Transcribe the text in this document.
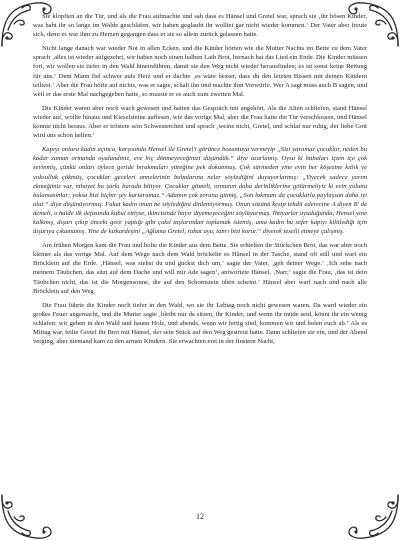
Sie klopften an die Tür, und als die Frau aufmachte und sah dass es Hänsel und Gretel war, sprach sie ‚ihr bösen Kinder, was habt ihr so lange im Walde geschlafen, wir haben geglaubt ihr wolltet gar nicht wieder kommen.‘ Der Vater aber freute sich, denn es war ihm zu Herzen gegangen dass er sie so allein zurück gelassen hatte.

Nicht lange danach war wieder Not in allen Ecken, und die Kinder hörten wie die Mutter Nachts im Bette zu dem Vater sprach ‚alles ist wieder aufgezehrt, wir haben noch einen halben Laib Brot, hernach hat das Lied ein Ende. Die Kinder müssen fort, wir wollen sie tiefer in den Wald hineinführen, damit sie den Weg nicht wieder herausfinden; es ist sonst keine Rettung für uns.‘ Dem Mann fiel schwer aufs Herz und er dachte ‚es wäre besser, dass du den letzten Bissen mit deinen Kindern teiltest.‘ Aber die Frau hörte auf nichts, was er sagte, schalt ihn und machte ihm Vorwürfe. Wer A sagt muss auch B sagen, und weil er das erste Mal nachgegeben hatte, so musste er es auch zum zweiten Mal.

Die Kinder waren aber noch wach gewesen und hatten das Gespräch mit angehört. Als die Alten schliefen, stand Hänsel wieder auf, wollte hinaus und Kieselsteine auflesen, wie das vorige Mal, aber die Frau hatte die Tür verschlossen, und Hänsel konnte nicht heraus. Aber er tröstete sein Schwesterchen und sprach ‚weine nicht, Gretel, und schlaf nur ruhig, der liebe Gott wird uns schon helfen.‘

Kapıyı onlara kadın açınca, karşısında Hensel ile Gretel'i görünce bozuntuya vermeyip „Sizi yaramaz çocuklar, neden bu kadar zaman ormanda oyalandınız, eve hiç dönmeyeceğinizi düşündük.“ diye azarlamış. Oysa ki babaları içten içe çok sevinmiş, çünkü onları öylece geride bırakmaları yüreğine pek dokunmuş. Çok sürmeden yine evin her köşesine kıtlık ve yoksulluk çökmüş, çocuklar geceleri annelerinin babalarına neler söylediğini duyuyorlarmış: „Yiyecek sadece yarım ekmeğimiz var, nihayet bu şarkı burada bitiyor. Çocuklar gitmeli, ormanın daha derinliklerine götürmeliyiz ki evin yolunu bulamasınlar; yoksa bizi hiçbir şey kurtaramaz.“ Adamın çok zoruna gitmiş, „Son lokmanı da çocuklarla paylaşsan daha iyi olur.“ diye düşünüyormuş. Fakat kadın onun ne söylediğini dinlemiyormuş. Onun sözünü kesip tehdit ederecine A diyen B' de demeli, o halde ilk defasında kabul ettiyse, ikincisinde hayır diyemeyeceğini söylüyormuş. İhtiyarlar uyuduğunda, Hensel yine kalkmış, dışarı çıkıp önceki gece yaptığı gibi çakıl taşlarından toplamak istemiş, ama kadın bu sefer kapıyı kilitlediği için dışarıya çıkamamış. Yine de kızkardeşini „Ağlama Gretel, rahat uyu, tanrı bizi korur.“ diyerek teselli etmeye çalışmış.

Am frühen Morgen kam die Frau und holte die Kinder aus dem Bette. Sie erhielten ihr Stückchen Brot, das war aber noch kleiner als das vorige Mal. Auf dem Wege nach dem Wald bröckelte es Hänsel in der Tasche, stand oft still und warf ein Bröcklein auf die Erde. ‚Hänsel, was stehst du und guckst dich um,‘ sagte der Vater, ‚geh deiner Wege.‘ ‚Ich sehe nach meinem Täubchen, das sitzt auf dem Dache und will mir Ade sagen‘, antwortete Hänsel. ‚Narr,‘ sagte die Frau, ‚das ist dein Täubchen nicht, das ist die Morgensonne, die auf den Schornstein oben scheint.‘ Hänsel aber warf nach und nach alle Bröcklein auf den Weg.

Die Frau führte die Kinder noch tiefer in den Wald, wo sie ihr Lebtag noch nicht gewesen waren. Da ward wieder ein großes Feuer angemacht, und die Mutter sagte ‚bleibt nur da sitzen, ihr Kinder, und wenn ihr müde seid, könnt ihr ein wenig schlafen: wir gehen in den Wald und hauen Holz, und abends, wenn wir fertig sind, kommen wir und holen euch ab.‘ Als es Mittag war, teilte Gretel ihr Brot mit Hänsel, der sein Stück auf den Weg gestreut hatte. Dann schliefen sie ein, und der Abend verging, aber niemand kam zu den armen Kindern. Sie erwachten erst in der finstern Nacht,

12
